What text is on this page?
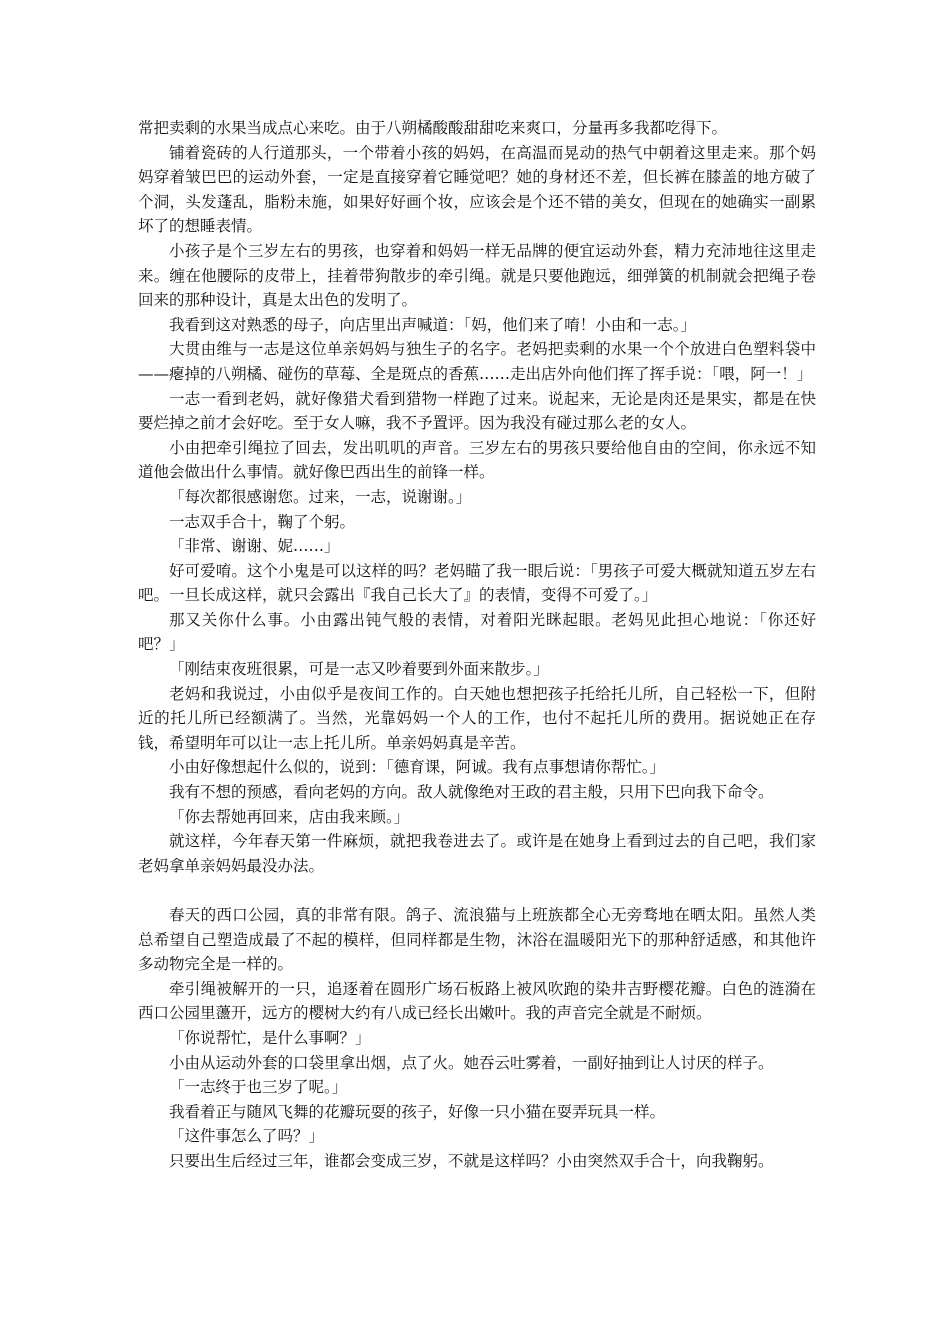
常把卖剩的水果当成点心来吃。由于八朔橘酸酸甜甜吃来爽口，分量再多我都吃得下。

铺着瓷砖的人行道那头，一个带着小孩的妈妈，在高温而晃动的热气中朝着这里走来。那个妈妈穿着皱巴巴的运动外套，一定是直接穿着它睡觉吧？她的身材还不差，但长裤在膝盖的地方破了个洞，头发蓬乱，脂粉未施，如果好好画个妆，应该会是个还不错的美女，但现在的她确实一副累坏了的想睡表情。

小孩子是个三岁左右的男孩，也穿着和妈妈一样无品牌的便宜运动外套，精力充沛地往这里走来。缠在他腰际的皮带上，挂着带狗散步的牵引绳。就是只要他跑远，细弹簧的机制就会把绳子卷回来的那种设计，真是太出色的发明了。

我看到这对熟悉的母子，向店里出声喊道：「妈，他们来了唷！小由和一志。」

大贯由维与一志是这位单亲妈妈与独生子的名字。老妈把卖剩的水果一个个放进白色塑料袋中——瘪掉的八朔橘、碰伤的草莓、全是斑点的香蕉……走出店外向他们挥了挥手说：「喂，阿一！」

一志一看到老妈，就好像猎犬看到猎物一样跑了过来。说起来，无论是肉还是果实，都是在快要烂掉之前才会好吃。至于女人嘛，我不予置评。因为我没有碰过那么老的女人。

小由把牵引绳拉了回去，发出叽叽的声音。三岁左右的男孩只要给他自由的空间，你永远不知道他会做出什么事情。就好像巴西出生的前锋一样。

「每次都很感谢您。过来，一志，说谢谢。」

一志双手合十，鞠了个躬。

「非常、谢谢、妮……」

好可爱唷。这个小鬼是可以这样的吗？老妈瞄了我一眼后说：「男孩子可爱大概就知道五岁左右吧。一旦长成这样，就只会露出『我自己长大了』的表情，变得不可爱了。」

那又关你什么事。小由露出钝气般的表情，对着阳光眯起眼。老妈见此担心地说：「你还好吧？」

「刚结束夜班很累，可是一志又吵着要到外面来散步。」

老妈和我说过，小由似乎是夜间工作的。白天她也想把孩子托给托儿所，自己轻松一下，但附近的托儿所已经额满了。当然，光靠妈妈一个人的工作，也付不起托儿所的费用。据说她正在存钱，希望明年可以让一志上托儿所。单亲妈妈真是辛苦。

小由好像想起什么似的，说到：「德育课，阿诚。我有点事想请你帮忙。」

我有不想的预感，看向老妈的方向。敌人就像绝对王政的君主般，只用下巴向我下命令。

「你去帮她再回来，店由我来顾。」

就这样，今年春天第一件麻烦，就把我卷进去了。或许是在她身上看到过去的自己吧，我们家老妈拿单亲妈妈最没办法。

春天的西口公园，真的非常有限。鸽子、流浪猫与上班族都全心无旁骛地在晒太阳。虽然人类总希望自己塑造成最了不起的模样，但同样都是生物，沐浴在温暖阳光下的那种舒适感，和其他许多动物完全是一样的。

牵引绳被解开的一只，追逐着在圆形广场石板路上被风吹跑的染井吉野樱花瓣。白色的涟漪在西口公园里蘯开，远方的樱树大约有八成已经长出嫩叶。我的声音完全就是不耐烦。

「你说帮忙，是什么事啊？」

小由从运动外套的口袋里拿出烟，点了火。她吞云吐雾着，一副好抽到让人讨厌的样子。

「一志终于也三岁了呢。」

我看着正与随风飞舞的花瓣玩耍的孩子，好像一只小猫在耍弄玩具一样。

「这件事怎么了吗？」

只要出生后经过三年，谁都会变成三岁，不就是这样吗？小由突然双手合十，向我鞠躬。
